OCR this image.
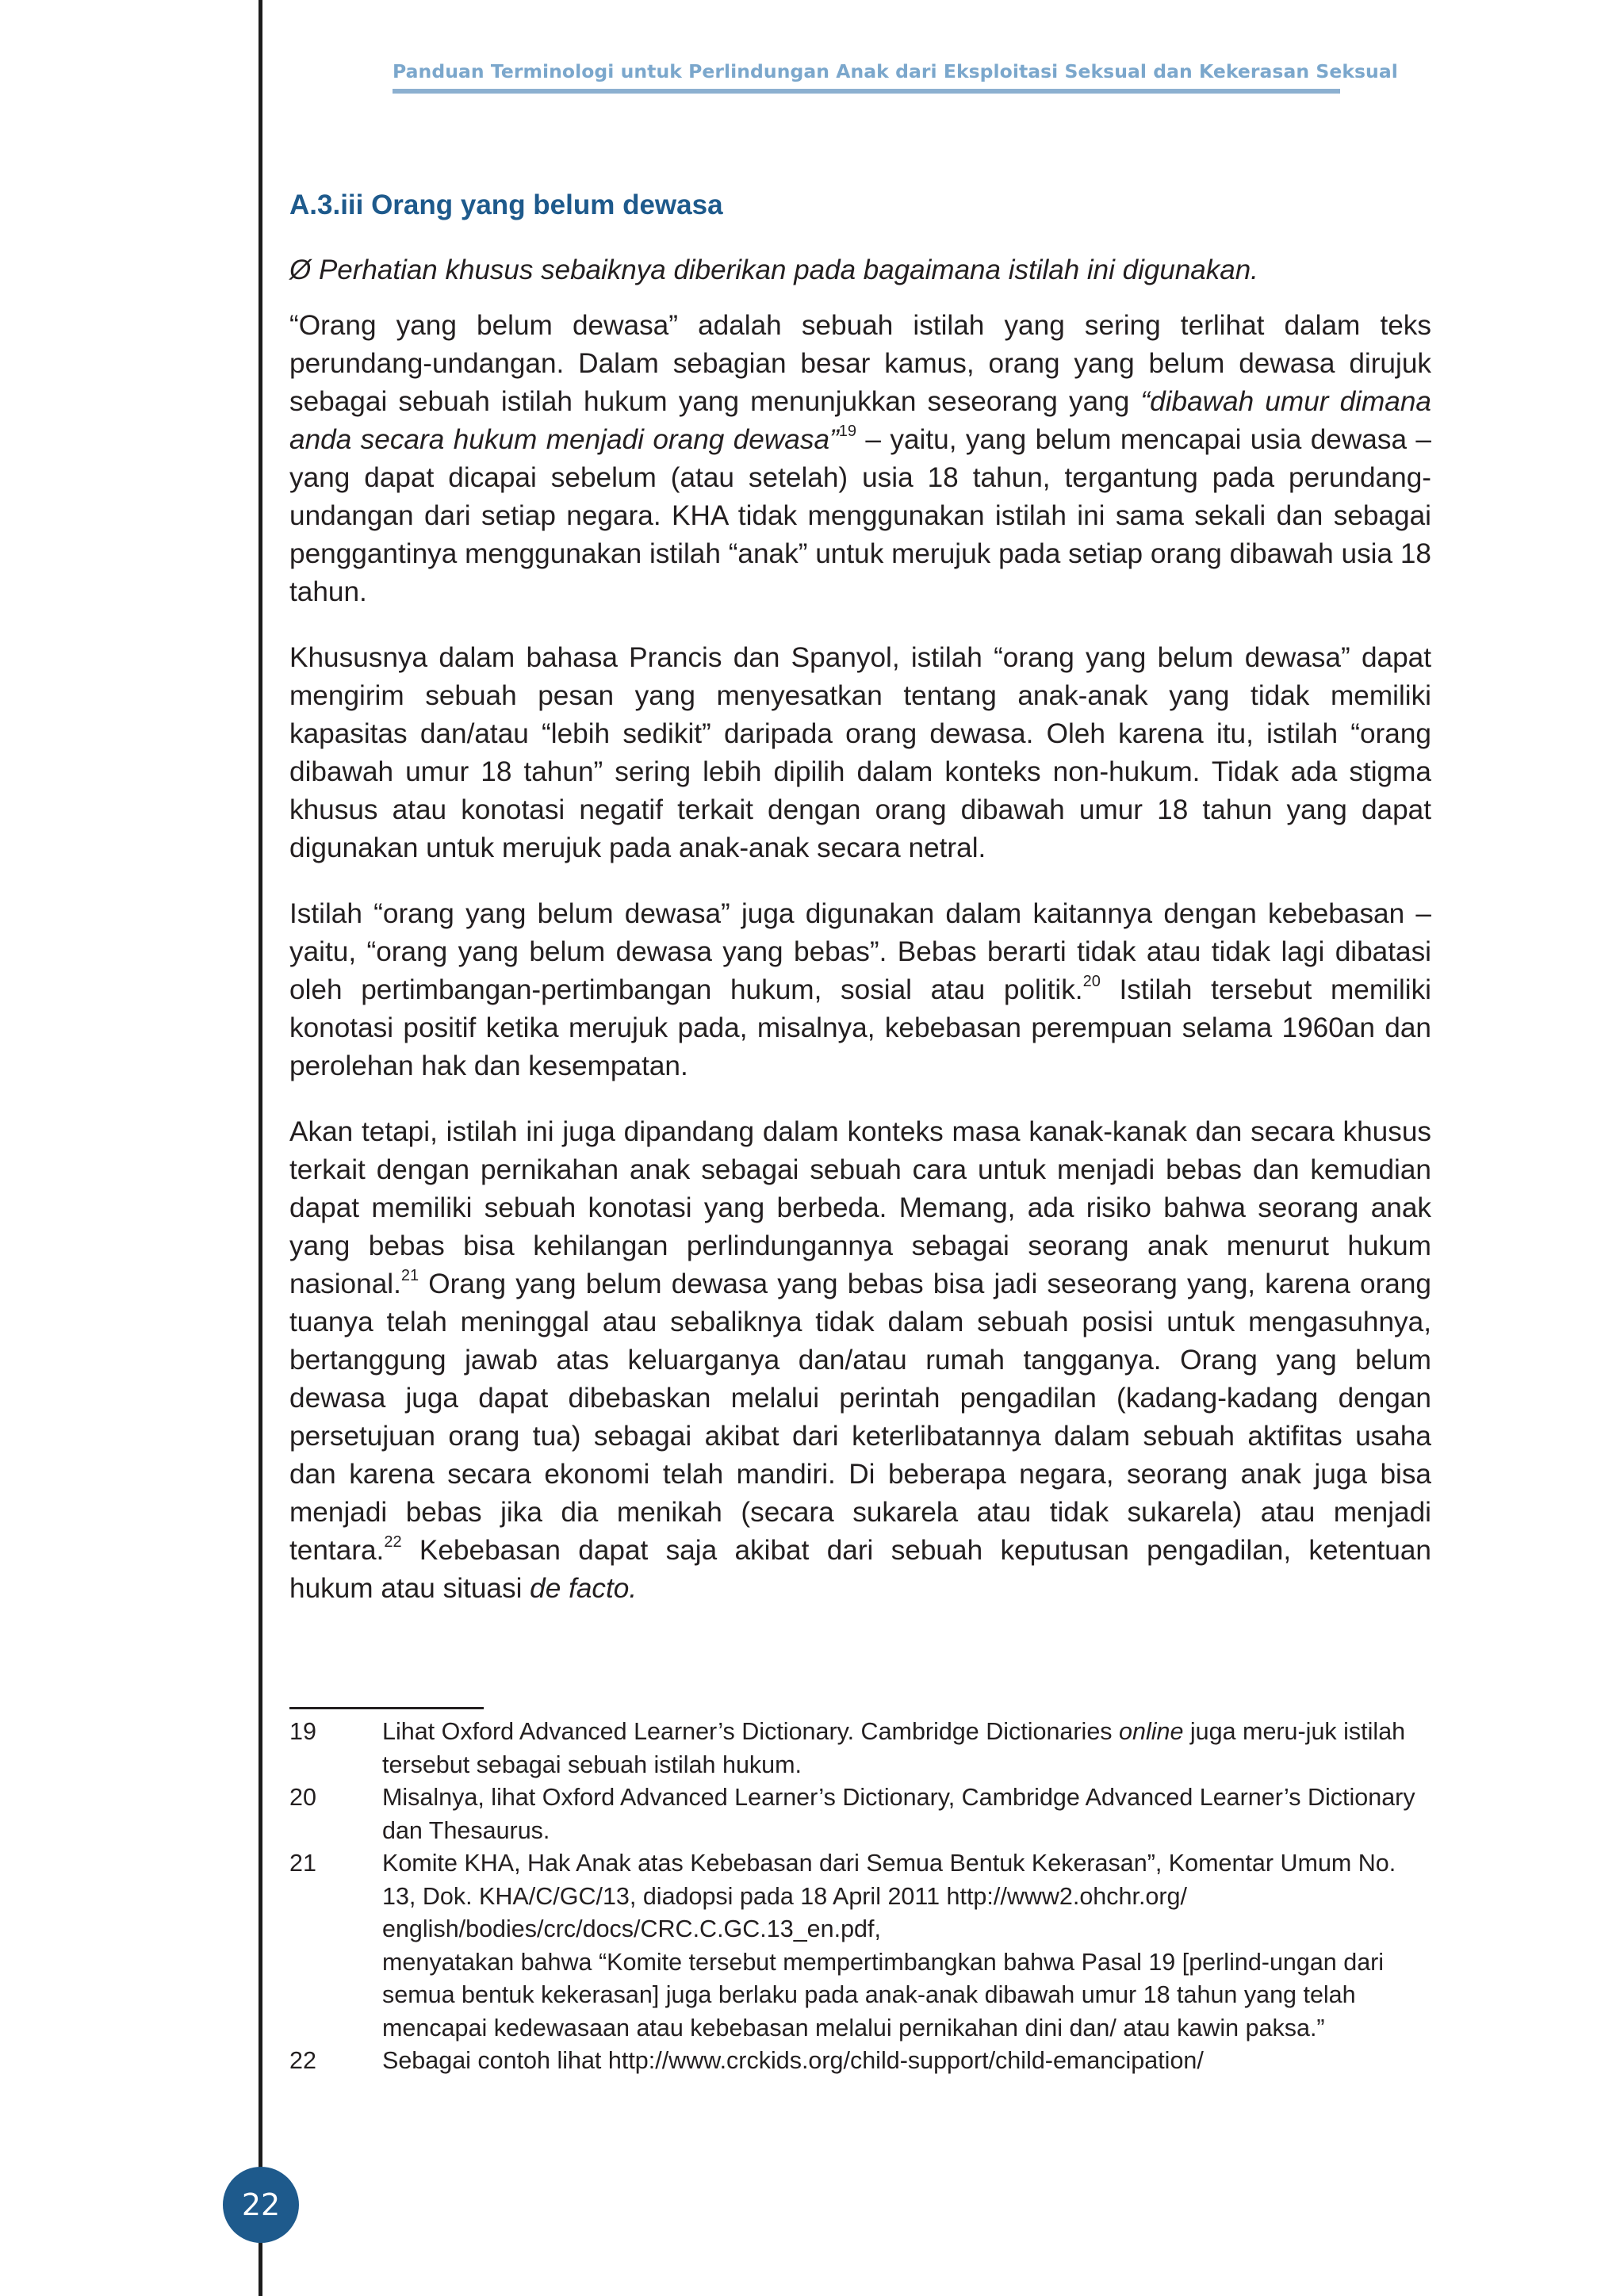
Panduan Terminologi untuk Perlindungan Anak dari Eksploitasi Seksual dan Kekerasan Seksual
A.3.iii Orang yang belum dewasa

Ø Perhatian khusus sebaiknya diberikan pada bagaimana istilah ini digunakan.

“Orang yang belum dewasa” adalah sebuah istilah yang sering terlihat dalam teks perundang-undangan. Dalam sebagian besar kamus, orang yang belum dewasa dirujuk sebagai sebuah istilah hukum yang menunjukkan seseorang yang “dibawah umur dimana anda secara hukum menjadi orang dewasa”$^{19}$ – yaitu, yang belum mencapai usia dewasa – yang dapat dicapai sebelum (atau setelah) usia 18 tahun, tergantung pada perundang-undangan dari setiap negara. KHA tidak menggunakan istilah ini sama sekali dan sebagai penggantinya menggunakan istilah “anak” untuk merujuk pada setiap orang dibawah usia 18 tahun.

Khususnya dalam bahasa Prancis dan Spanyol, istilah “orang yang belum dewasa” dapat mengirim sebuah pesan yang menyesatkan tentang anak-anak yang tidak memiliki kapasitas dan/atau “lebih sedikit” daripada orang dewasa. Oleh karena itu, istilah “orang dibawah umur 18 tahun” sering lebih dipilih dalam konteks non-hukum. Tidak ada stigma khusus atau konotasi negatif terkait dengan orang dibawah umur 18 tahun yang dapat digunakan untuk merujuk pada anak-anak secara netral.

Istilah “orang yang belum dewasa” juga digunakan dalam kaitannya dengan kebebasan – yaitu, “orang yang belum dewasa yang bebas”. Bebas berarti tidak atau tidak lagi dibatasi oleh pertimbangan-pertimbangan hukum, sosial atau politik.$^{20}$ Istilah tersebut memiliki konotasi positif ketika merujuk pada, misalnya, kebebasan perempuan selama 1960an dan perolehan hak dan kesempatan.

Akan tetapi, istilah ini juga dipandang dalam konteks masa kanak-kanak dan secara khusus terkait dengan pernikahan anak sebagai sebuah cara untuk menjadi bebas dan kemudian dapat memiliki sebuah konotasi yang berbeda. Memang, ada risiko bahwa seorang anak yang bebas bisa kehilangan perlindungannya sebagai seorang anak menurut hukum nasional.$^{21}$ Orang yang belum dewasa yang bebas bisa jadi seseorang yang, karena orang tuanya telah meninggal atau sebaliknya tidak dalam sebuah posisi untuk mengasuhnya, bertanggung jawab atas keluarganya dan/atau rumah tangganya. Orang yang belum dewasa juga dapat dibebaskan melalui perintah pengadilan (kadang-kadang dengan persetujuan orang tua) sebagai akibat dari keterlibatannya dalam sebuah aktifitas usaha dan karena secara ekonomi telah mandiri. Di beberapa negara, seorang anak juga bisa menjadi bebas jika dia menikah (secara sukarela atau tidak sukarela) atau menjadi tentara.$^{22}$ Kebebasan dapat saja akibat dari sebuah keputusan pengadilan, ketentuan hukum atau situasi de facto.

19	Lihat Oxford Advanced Learner’s Dictionary. Cambridge Dictionaries online juga meru-juk istilah tersebut sebagai sebuah istilah hukum.
20	Misalnya, lihat Oxford Advanced Learner’s Dictionary, Cambridge Advanced Learner’s Dictionary dan Thesaurus.
21	Komite KHA, Hak Anak atas Kebebasan dari Semua Bentuk Kekerasan”, Komentar Umum No. 13, Dok. KHA/C/GC/13, diadopsi pada 18 April 2011 http://www2.ohchr.org/ english/bodies/crc/docs/CRC.C.GC.13_en.pdf,
menyatakan bahwa “Komite tersebut mempertimbangkan bahwa Pasal 19 [perlind-ungan dari semua bentuk kekerasan] juga berlaku pada anak-anak dibawah umur 18 tahun yang telah mencapai kedewasaan atau kebebasan melalui pernikahan dini dan/ atau kawin paksa.”
22	Sebagai contoh lihat http://www.crckids.org/child-support/child-emancipation/
22
